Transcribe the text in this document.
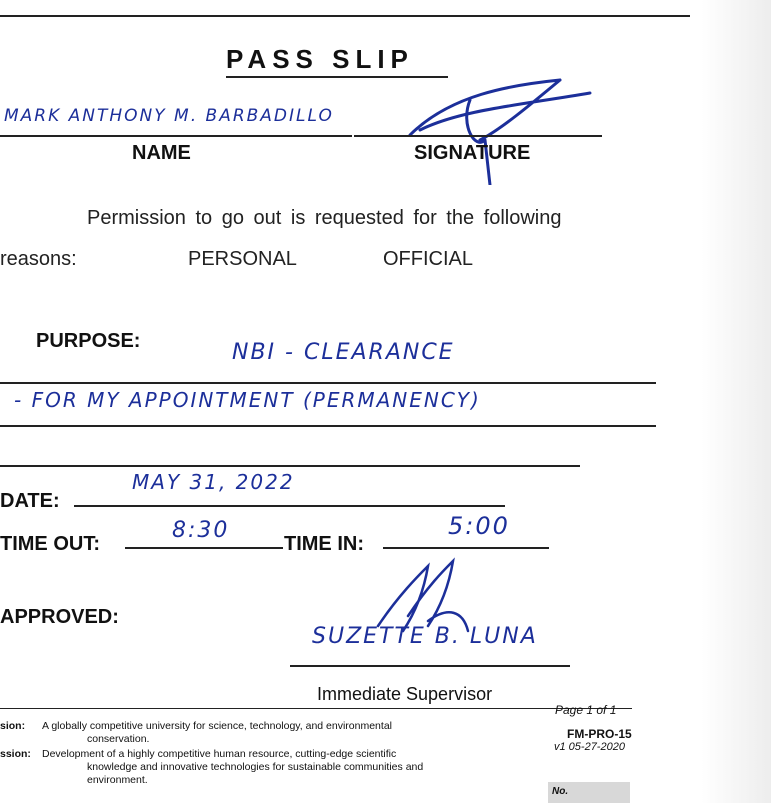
PASS SLIP
MARK ANTHONY M. BARBADILLO
NAME	SIGNATURE
Permission to go out is requested for the following
reasons:	PERSONAL	OFFICIAL
PURPOSE:	NBI - CLEARANCE
- FOR MY APPOINTMENT (PERMANENCY)
DATE:
MAY 31, 2022
TIME OUT:
8:30
TIME IN:
5:00
APPROVED:
SUZETTE B. LUNA
Immediate Supervisor
sion: A globally competitive university for science, technology, and environmental
conservation.
ssion: Development of a highly competitive human resource, cutting-edge scientific
knowledge and innovative technologies for sustainable communities and
environment.
Page 1 of 1
FM-PRO-15
v1 05-27-2020
No.
